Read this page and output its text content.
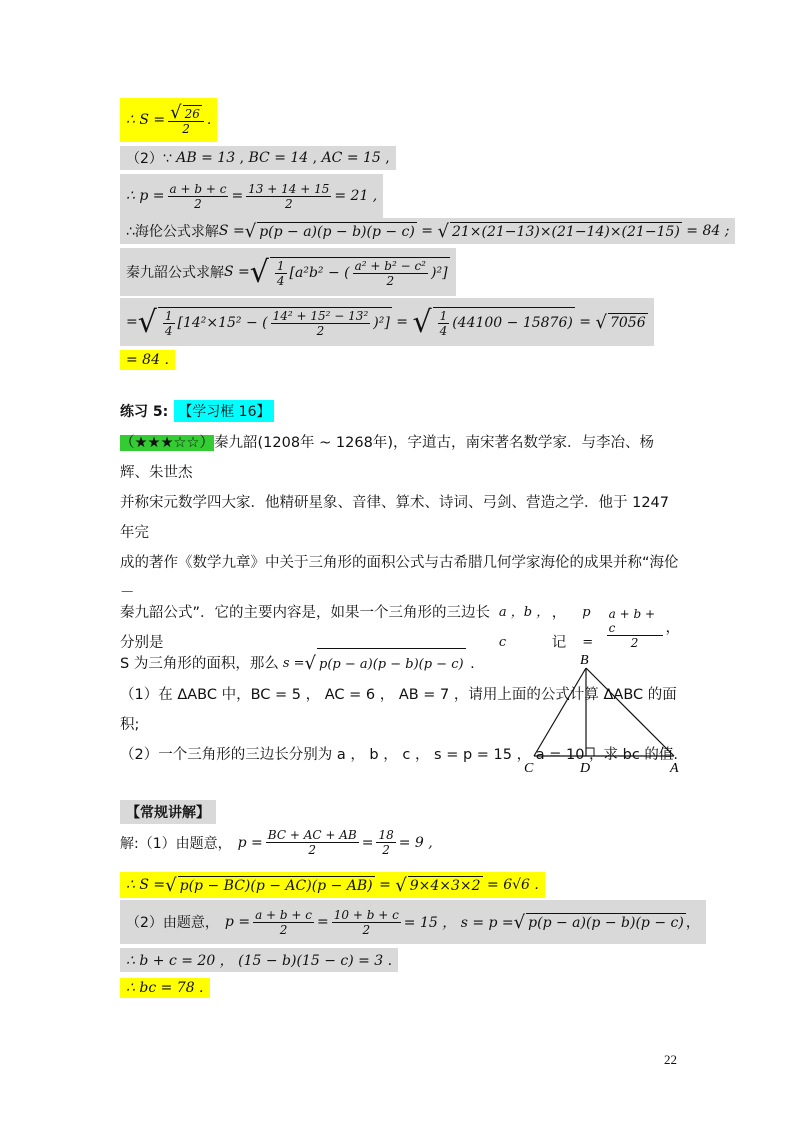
∴ $S = \frac{√ 26}{2}$ .
（2）∵
AB = 13 , BC = 14 , AC = 15 ,
∴ $p = \frac{a + b + c}{2} = \frac{13 + 14 + 15}{2} = 21$ ,
∴海伦公式求解 S = √ p(p − a)(p − b)(p − c) = √ 21×(21−13)×(21−14)×(21−15)
= 84 ;
秦九韶公式求解 S = √ $\frac{1}{4} [a^2b^2$ − ( $\frac{\text{a² + b² − c²}}{2} )^2$]
= √ $\frac{1}{4} [14^2\times 15^2$ − ( $\frac{\text{14² + 15² − 13²}}{2} )^2$] = √ $\frac{1}{4} (44100 - 15876)$ = √ 7056
= 84 .
练习 5: 【学习框 16】
（★★★☆☆）秦九韶(1208年 ~ 1268年)，字道古，南宋著名数学家．与李冶、杨辉、朱世杰
并称宋元数学四大家．他精研星象、音律、算术、诗词、弓剑、营造之学．他于 1247 年完
成的著作《数学九章》中关于三角形的面积公式与古希腊几何学家海伦的成果并称“海伦－
秦九韶公式”．它的主要内容是，如果一个三角形的三边长分别是
a ，b ，c
，记
p =	$\frac{a + b + c}{2}$ ，
S 为三角形的面积，那么 s = √ p(p − a)(p − b)(p − c) .
（1）在 ΔABC 中，BC = 5 ， AC = 6 ， AB = 7 ，请用上面的公式计算 ΔABC 的面积;
（2）一个三角形的三边长分别为 a ， b ， c ， s = p = 15 ， a = 10 ，求 bc 的值.
B
C	D	A
【常规讲解】
解:（1）由题意， $p = \frac{BC + AC + AB}{2} = \frac{18}{2} = 9$ ,
∴ S = √ p(p − BC)(p − AC)(p − AB) = √ 9×4×3×2
= 6√6 .
（2）由题意， $p = \frac{a + b + c}{2} = \frac{10 + b + c}{2} = 15$ ， s = p = √ p(p − a)(p − b)(p − c) ，
∴ b + c = 20 ， (15 − b)(15 − c) = 3 .
∴ bc = 78 .
22
